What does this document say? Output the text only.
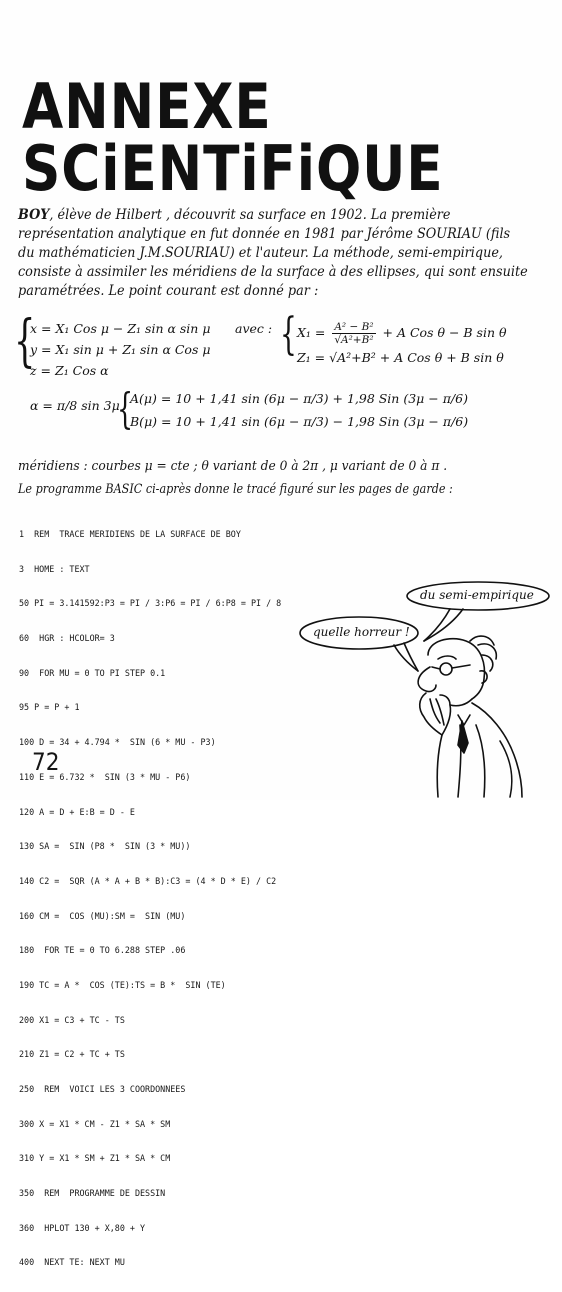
ANNEXE
SCiENTiFiQUE

BOY, élève de Hilbert , découvrit sa surface en 1902. La première représentation analytique en fut donnée en 1981 par Jérôme SOURIAU (fils du mathématicien J.M.SOURIAU) et l'auteur. La méthode, semi-empirique, consiste à assimiler les méridiens de la surface à des ellipses, qui sont ensuite paramétrées. Le point courant est donné par :

{
x = X₁ Cos μ − Z₁ sin α sin μ
y = X₁ sin μ + Z₁ sin α Cos μ
z = Z₁ Cos α
avec : { $X_1 = \frac{\text{A² − B²}}{\text{√A²+B²}} + A$ Cos θ − B sin θ
Z₁ = √A²+B² + A Cos θ + B sin θ
α = π/8 sin 3μ
{
A(μ) = 10 + 1,41 sin (6μ − π/3) + 1,98 Sin (3μ − π/6)
B(μ) = 10 + 1,41 sin (6μ − π/3) − 1,98 Sin (3μ − π/6)

méridiens : courbes μ = cte ; θ variant de 0 à 2π , μ variant de 0 à π .

Le programme BASIC ci-après donne le tracé figuré sur les pages de garde :

1  REM  TRACE MERIDIENS DE LA SURFACE DE BOY

3  HOME : TEXT

50 PI = 3.141592:P3 = PI / 3:P6 = PI / 6:P8 = PI / 8

60  HGR : HCOLOR= 3

90  FOR MU = 0 TO PI STEP 0.1

95 P = P + 1

100 D = 34 + 4.794 *  SIN (6 * MU - P3)

110 E = 6.732 *  SIN (3 * MU - P6)

120 A = D + E:B = D - E

130 SA =  SIN (P8 *  SIN (3 * MU))

140 C2 =  SQR (A * A + B * B):C3 = (4 * D * E) / C2

160 CM =  COS (MU):SM =  SIN (MU)

180  FOR TE = 0 TO 6.288 STEP .06

190 TC = A *  COS (TE):TS = B *  SIN (TE)

200 X1 = C3 + TC - TS

210 Z1 = C2 + TC + TS

250  REM  VOICI LES 3 COORDONNEES

300 X = X1 * CM - Z1 * SA * SM

310 Y = X1 * SM + Z1 * SA * CM

350  REM  PROGRAMME DE DESSIN

360  HPLOT 130 + X,80 + Y

400  NEXT TE: NEXT MU

du semi-empirique
quelle horreur !
72
